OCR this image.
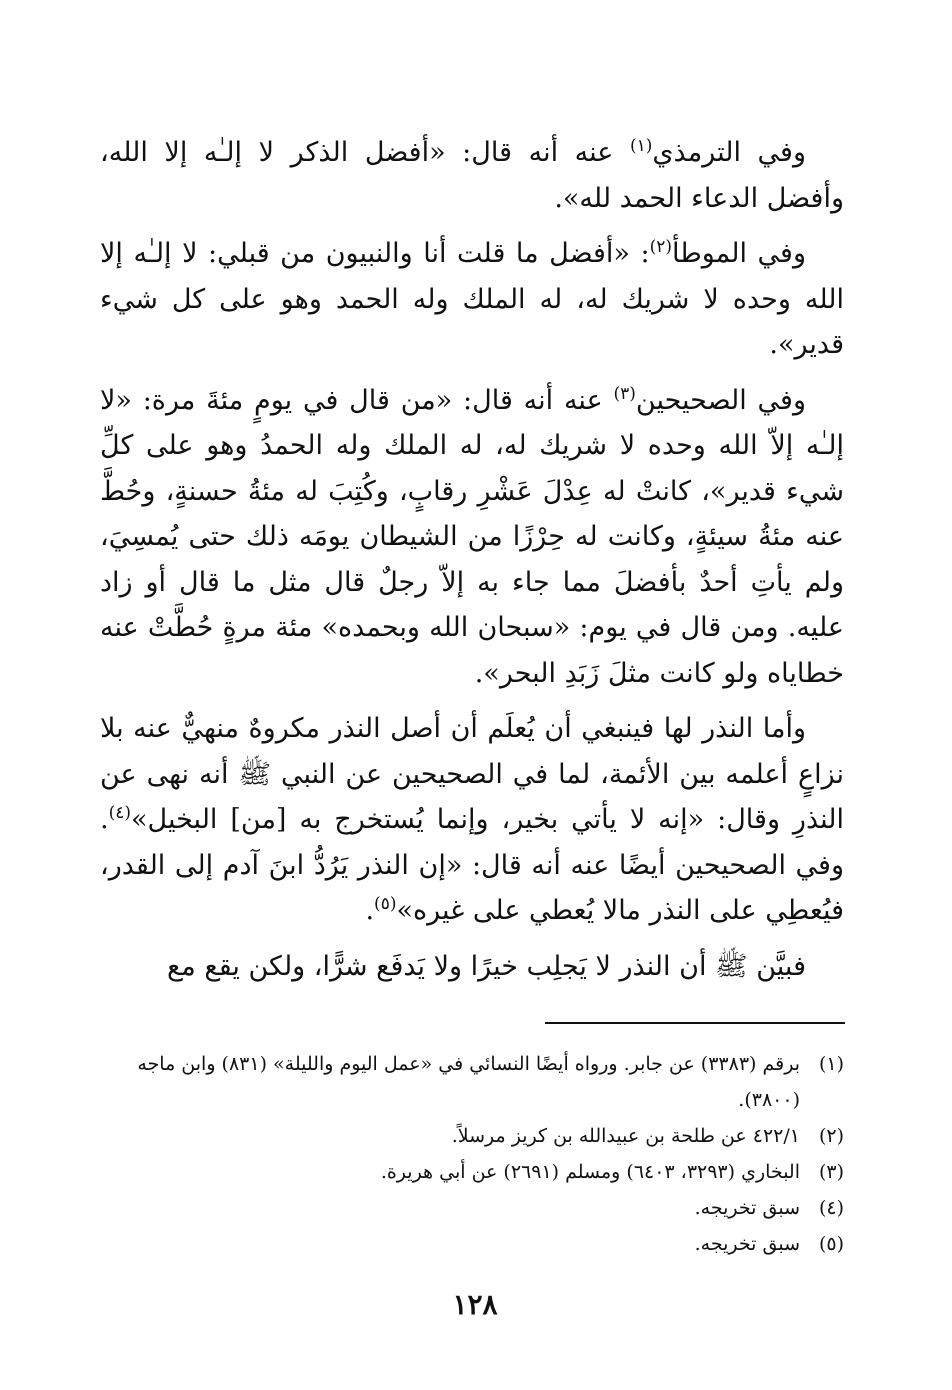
وفي الترمذي$^{(١)}$ عنه أنه قال: «أفضل الذكر لا إلـٰه إلا الله، وأفضل الدعاء الحمد لله».

وفي الموطأ$^{(٢)}$: «أفضل ما قلت أنا والنبيون من قبلي: لا إلـٰه إلا الله وحده لا شريك له، له الملك وله الحمد وهو على كل شيء قدير».

وفي الصحيحين$^{(٣)}$ عنه أنه قال: «من قال في يومٍ مئةَ مرة: «لا إلـٰه إلاّ الله وحده لا شريك له، له الملك وله الحمدُ وهو على كلِّ شيء قدير»، كانتْ له عِدْلَ عَشْرِ رقابٍ، وكُتِبَ له مئةُ حسنةٍ، وحُطَّ عنه مئةُ سيئةٍ، وكانت له حِرْزًا من الشيطان يومَه ذلك حتى يُمسِيَ، ولم يأتِ أحدٌ بأفضلَ مما جاء به إلاّ رجلٌ قال مثل ما قال أو زاد عليه. ومن قال في يوم: «سبحان الله وبحمده» مئة مرةٍ حُطَّتْ عنه خطاياه ولو كانت مثلَ زَبَدِ البحر».

وأما النذر لها فينبغي أن يُعلَم أن أصل النذر مكروهٌ منهيٌّ عنه بلا نزاعٍ أعلمه بين الأئمة، لما في الصحيحين عن النبي ﷺ أنه نهى عن النذرِ وقال: «إنه لا يأتي بخير، وإنما يُستخرج به [من] البخيل»$^{(٤)}$. وفي الصحيحين أيضًا عنه أنه قال: «إن النذر يَرُدُّ ابنَ آدم إلى القدر، فيُعطِي على النذر مالا يُعطي على غيره»$^{(٥)}$.

فبيَّن ﷺ أن النذر لا يَجلِب خيرًا ولا يَدفَع شرًّا، ولكن يقع مع

(١)
برقم (٣٣٨٣) عن جابر. ورواه أيضًا النسائي في «عمل اليوم والليلة» (٨٣١) وابن ماجه (٣٨٠٠).
(٢)
٤٢٢/١ عن طلحة بن عبيدالله بن كريز مرسلاً.
(٣)
البخاري (٣٢٩٣، ٦٤٠٣) ومسلم (٢٦٩١) عن أبي هريرة.
(٤)
سبق تخريجه.
(٥)
سبق تخريجه.
١٢٨
